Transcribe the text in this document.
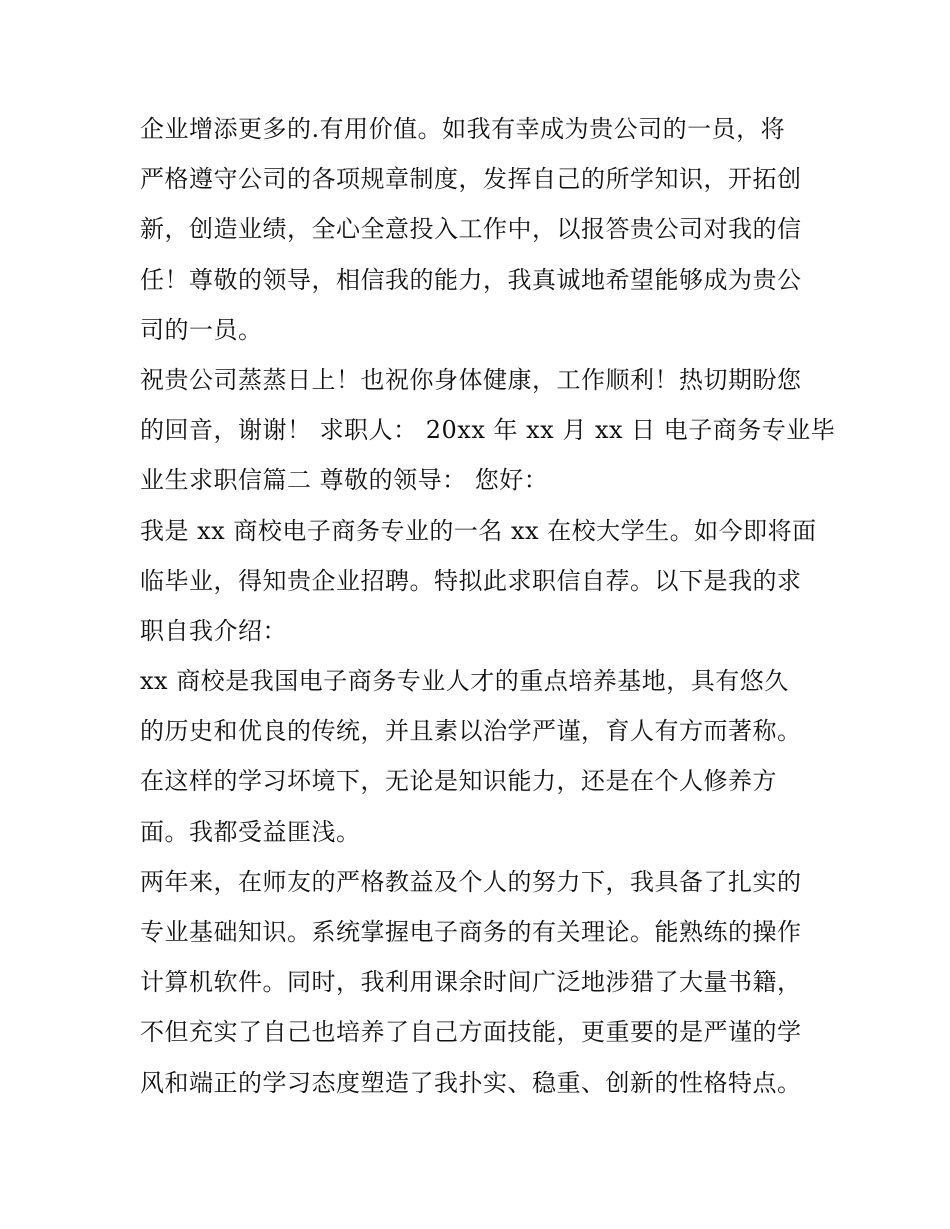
企业增添更多的.有用价值。如我有幸成为贵公司的一员，将
严格遵守公司的各项规章制度，发挥自己的所学知识，开拓创
新，创造业绩，全心全意投入工作中，以报答贵公司对我的信
任！尊敬的领导，相信我的能力，我真诚地希望能够成为贵公
司的一员。
祝贵公司蒸蒸日上！也祝你身体健康，工作顺利！热切期盼您
的回音，谢谢！ 求职人： 20xx 年 xx 月 xx 日 电子商务专业毕
业生求职信篇二 尊敬的领导： 您好：
我是 xx 商校电子商务专业的一名 xx 在校大学生。如今即将面
临毕业，得知贵企业招聘。特拟此求职信自荐。以下是我的求
职自我介绍：
xx 商校是我国电子商务专业人才的重点培养基地，具有悠久
的历史和优良的传统，并且素以治学严谨，育人有方而著称。
在这样的学习坏境下，无论是知识能力，还是在个人修养方
面。我都受益匪浅。
两年来，在师友的严格教益及个人的努力下，我具备了扎实的
专业基础知识。系统掌握电子商务的有关理论。能熟练的操作
计算机软件。同时，我利用课余时间广泛地涉猎了大量书籍，
不但充实了自己也培养了自己方面技能，更重要的是严谨的学
风和端正的学习态度塑造了我扑实、稳重、创新的性格特点。
